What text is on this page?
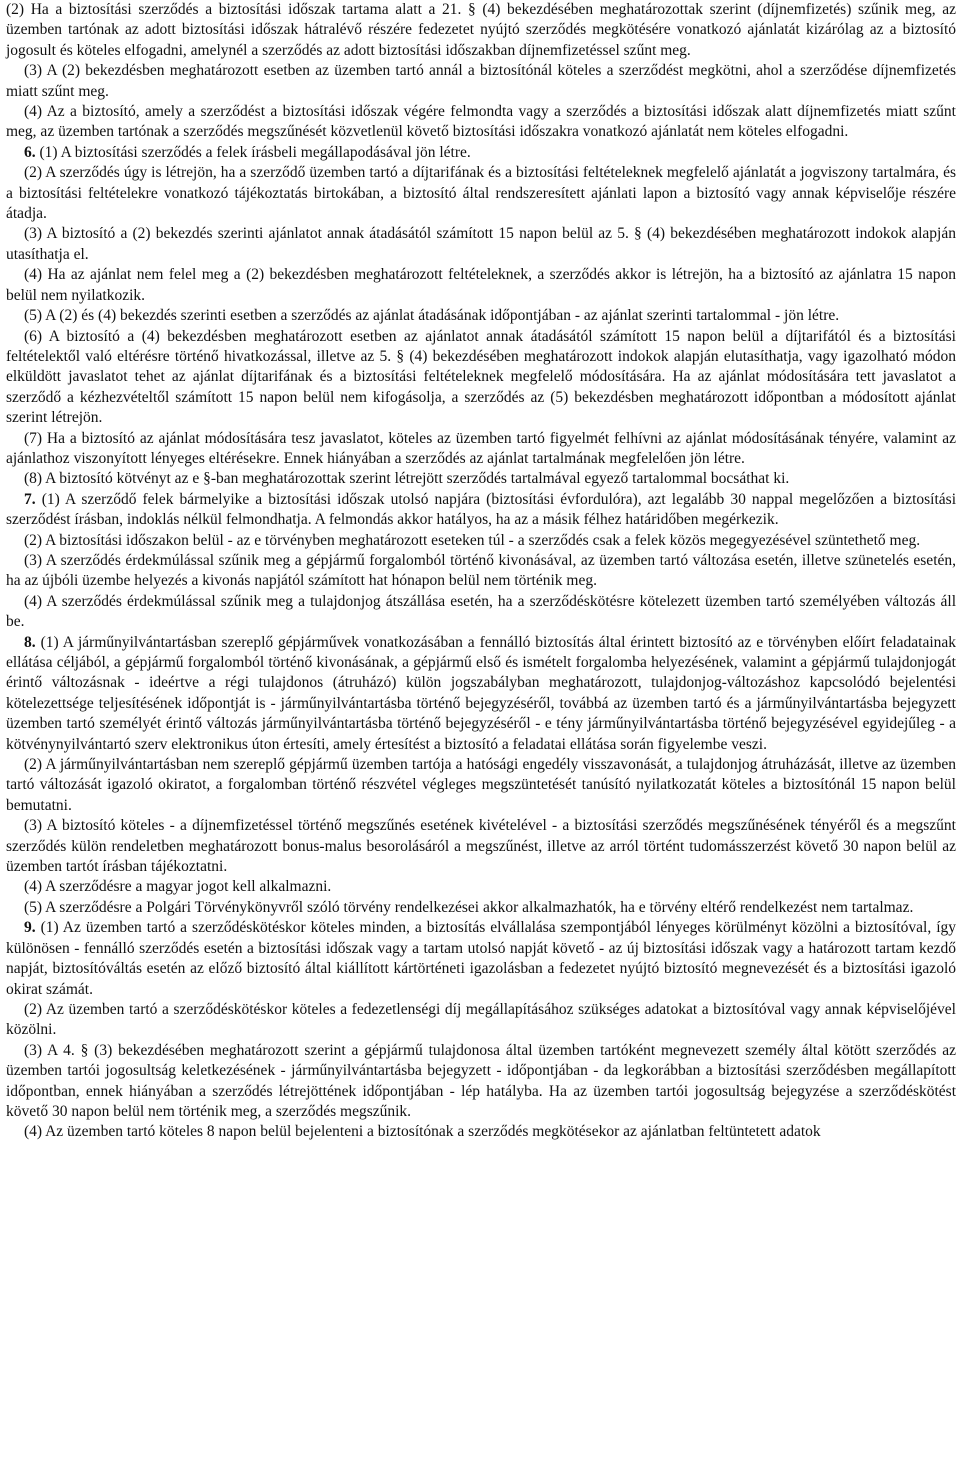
(2) Ha a biztosítási szerződés a biztosítási időszak tartama alatt a 21. § (4) bekezdésében meghatározottak szerint (díjnemfizetés) szűnik meg, az üzemben tartónak az adott biztosítási időszak hátralévő részére fedezetet nyújtó szerződés megkötésére vonatkozó ajánlatát kizárólag az a biztosító jogosult és köteles elfogadni, amelynél a szerződés az adott biztosítási időszakban díjnemfizetéssel szűnt meg.

(3) A (2) bekezdésben meghatározott esetben az üzemben tartó annál a biztosítónál köteles a szerződést megkötni, ahol a szerződése díjnemfizetés miatt szűnt meg.

(4) Az a biztosító, amely a szerződést a biztosítási időszak végére felmondta vagy a szerződés a biztosítási időszak alatt díjnemfizetés miatt szűnt meg, az üzemben tartónak a szerződés megszűnését közvetlenül követő biztosítási időszakra vonatkozó ajánlatát nem köteles elfogadni.

6. (1) A biztosítási szerződés a felek írásbeli megállapodásával jön létre.

(2) A szerződés úgy is létrejön, ha a szerződő üzemben tartó a díjtarifának és a biztosítási feltételeknek megfelelő ajánlatát a jogviszony tartalmára, és a biztosítási feltételekre vonatkozó tájékoztatás birtokában, a biztosító által rendszeresített ajánlati lapon a biztosító vagy annak képviselője részére átadja.

(3) A biztosító a (2) bekezdés szerinti ajánlatot annak átadásától számított 15 napon belül az 5. § (4) bekezdésében meghatározott indokok alapján utasíthatja el.

(4) Ha az ajánlat nem felel meg a (2) bekezdésben meghatározott feltételeknek, a szerződés akkor is létrejön, ha a biztosító az ajánlatra 15 napon belül nem nyilatkozik.

(5) A (2) és (4) bekezdés szerinti esetben a szerződés az ajánlat átadásának időpontjában - az ajánlat szerinti tartalommal - jön létre.

(6) A biztosító a (4) bekezdésben meghatározott esetben az ajánlatot annak átadásától számított 15 napon belül a díjtarifától és a biztosítási feltételektől való eltérésre történő hivatkozással, illetve az 5. § (4) bekezdésében meghatározott indokok alapján elutasíthatja, vagy igazolható módon elküldött javaslatot tehet az ajánlat díjtarifának és a biztosítási feltételeknek megfelelő módosítására. Ha az ajánlat módosítására tett javaslatot a szerződő a kézhezvételtől számított 15 napon belül nem kifogásolja, a szerződés az (5) bekezdésben meghatározott időpontban a módosított ajánlat szerint létrejön.

(7) Ha a biztosító az ajánlat módosítására tesz javaslatot, köteles az üzemben tartó figyelmét felhívni az ajánlat módosításának tényére, valamint az ajánlathoz viszonyított lényeges eltérésekre. Ennek hiányában a szerződés az ajánlat tartalmának megfelelően jön létre.

(8) A biztosító kötvényt az e §-ban meghatározottak szerint létrejött szerződés tartalmával egyező tartalommal bocsáthat ki.

7. (1) A szerződő felek bármelyike a biztosítási időszak utolsó napjára (biztosítási évfordulóra), azt legalább 30 nappal megelőzően a biztosítási szerződést írásban, indoklás nélkül felmondhatja. A felmondás akkor hatályos, ha az a másik félhez határidőben megérkezik.

(2) A biztosítási időszakon belül - az e törvényben meghatározott eseteken túl - a szerződés csak a felek közös megegyezésével szüntethető meg.

(3) A szerződés érdekmúlással szűnik meg a gépjármű forgalomból történő kivonásával, az üzemben tartó változása esetén, illetve szünetelés esetén, ha az újbóli üzembe helyezés a kivonás napjától számított hat hónapon belül nem történik meg.

(4) A szerződés érdekmúlással szűnik meg a tulajdonjog átszállása esetén, ha a szerződéskötésre kötelezett üzemben tartó személyében változás áll be.

8. (1) A járműnyilvántartásban szereplő gépjárművek vonatkozásában a fennálló biztosítás által érintett biztosító az e törvényben előírt feladatainak ellátása céljából, a gépjármű forgalomból történő kivonásának, a gépjármű első és ismételt forgalomba helyezésének, valamint a gépjármű tulajdonjogát érintő változásnak - ideértve a régi tulajdonos (átruházó) külön jogszabályban meghatározott, tulajdonjog-változáshoz kapcsolódó bejelentési kötelezettsége teljesítésének időpontját is - járműnyilvántartásba történő bejegyzéséről, továbbá az üzemben tartó és a járműnyilvántartásba bejegyzett üzemben tartó személyét érintő változás járműnyilvántartásba történő bejegyzéséről - e tény járműnyilvántartásba történő bejegyzésével egyidejűleg - a kötvénynyilvántartó szerv elektronikus úton értesíti, amely értesítést a biztosító a feladatai ellátása során figyelembe veszi.

(2) A járműnyilvántartásban nem szereplő gépjármű üzemben tartója a hatósági engedély visszavonását, a tulajdonjog átruházását, illetve az üzemben tartó változását igazoló okiratot, a forgalomban történő részvétel végleges megszüntetését tanúsító nyilatkozatát köteles a biztosítónál 15 napon belül bemutatni.

(3) A biztosító köteles - a díjnemfizetéssel történő megszűnés esetének kivételével - a biztosítási szerződés megszűnésének tényéről és a megszűnt szerződés külön rendeletben meghatározott bonus-malus besorolásáról a megszűnést, illetve az arról történt tudomásszerzést követő 30 napon belül az üzemben tartót írásban tájékoztatni.

(4) A szerződésre a magyar jogot kell alkalmazni.

(5) A szerződésre a Polgári Törvénykönyvről szóló törvény rendelkezései akkor alkalmazhatók, ha e törvény eltérő rendelkezést nem tartalmaz.

9. (1) Az üzemben tartó a szerződéskötéskor köteles minden, a biztosítás elvállalása szempontjából lényeges körülményt közölni a biztosítóval, így különösen - fennálló szerződés esetén a biztosítási időszak vagy a tartam utolsó napját követő - az új biztosítási időszak vagy a határozott tartam kezdő napját, biztosítóváltás esetén az előző biztosító által kiállított kártörténeti igazolásban a fedezetet nyújtó biztosító megnevezését és a biztosítási igazoló okirat számát.

(2) Az üzemben tartó a szerződéskötéskor köteles a fedezetlenségi díj megállapításához szükséges adatokat a biztosítóval vagy annak képviselőjével közölni.

(3) A 4. § (3) bekezdésében meghatározott szerint a gépjármű tulajdonosa által üzemben tartóként megnevezett személy által kötött szerződés az üzemben tartói jogosultság keletkezésének - járműnyilvántartásba bejegyzett - időpontjában - da legkorábban a biztosítási szerződésben megállapított időpontban, ennek hiányában a szerződés létrejöttének időpontjában - lép hatályba. Ha az üzemben tartói jogosultság bejegyzése a szerződéskötést követő 30 napon belül nem történik meg, a szerződés megszűnik.

(4) Az üzemben tartó köteles 8 napon belül bejelenteni a biztosítónak a szerződés megkötésekor az ajánlatban feltüntetett adatok
